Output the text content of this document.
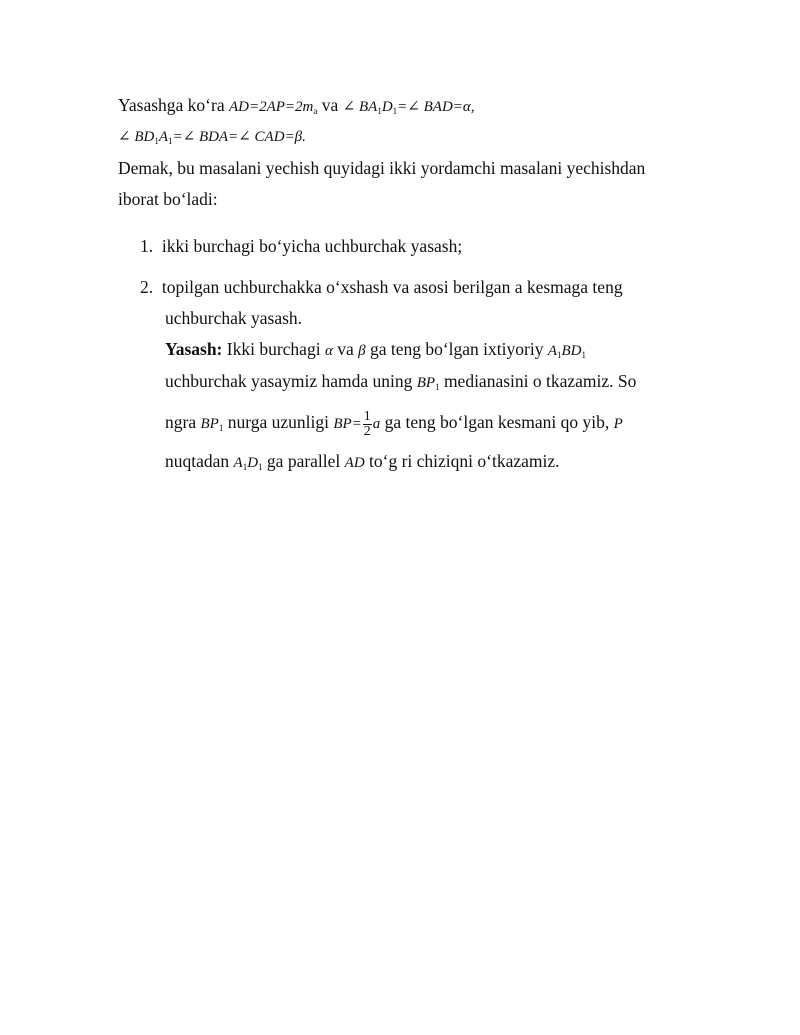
Yasashga ko‘ra $AD=2AP=2m_a$ va ∠ $BA_1D_1=\angle$ BAD=α,
∠ $BD_1A_1=\angle$ BDA=∠ CAD=β.
Demak, bu masalani yechish quyidagi ikki yordamchi masalani yechishdan
iborat bo‘ladi:
1. ikki burchagi bo‘yicha uchburchak yasash;
2. topilgan uchburchakka o‘xshash va asosi berilgan a kesmaga teng
uchburchak yasash.
Yasash: Ikki burchagi α va β ga teng bo‘lgan ixtiyoriy $A_1BD_1$
uchburchak yasaymiz hamda uning $BP_1$ medianasini o tkazamiz. So
ngra $BP_1$ nurga uzunligi $BP= \frac{1}{2}$ a ga teng bo‘lgan kesmani qo yib, P
nuqtadan $A_1D_1$ ga parallel AD to‘g ri chiziqni o‘tkazamiz.
